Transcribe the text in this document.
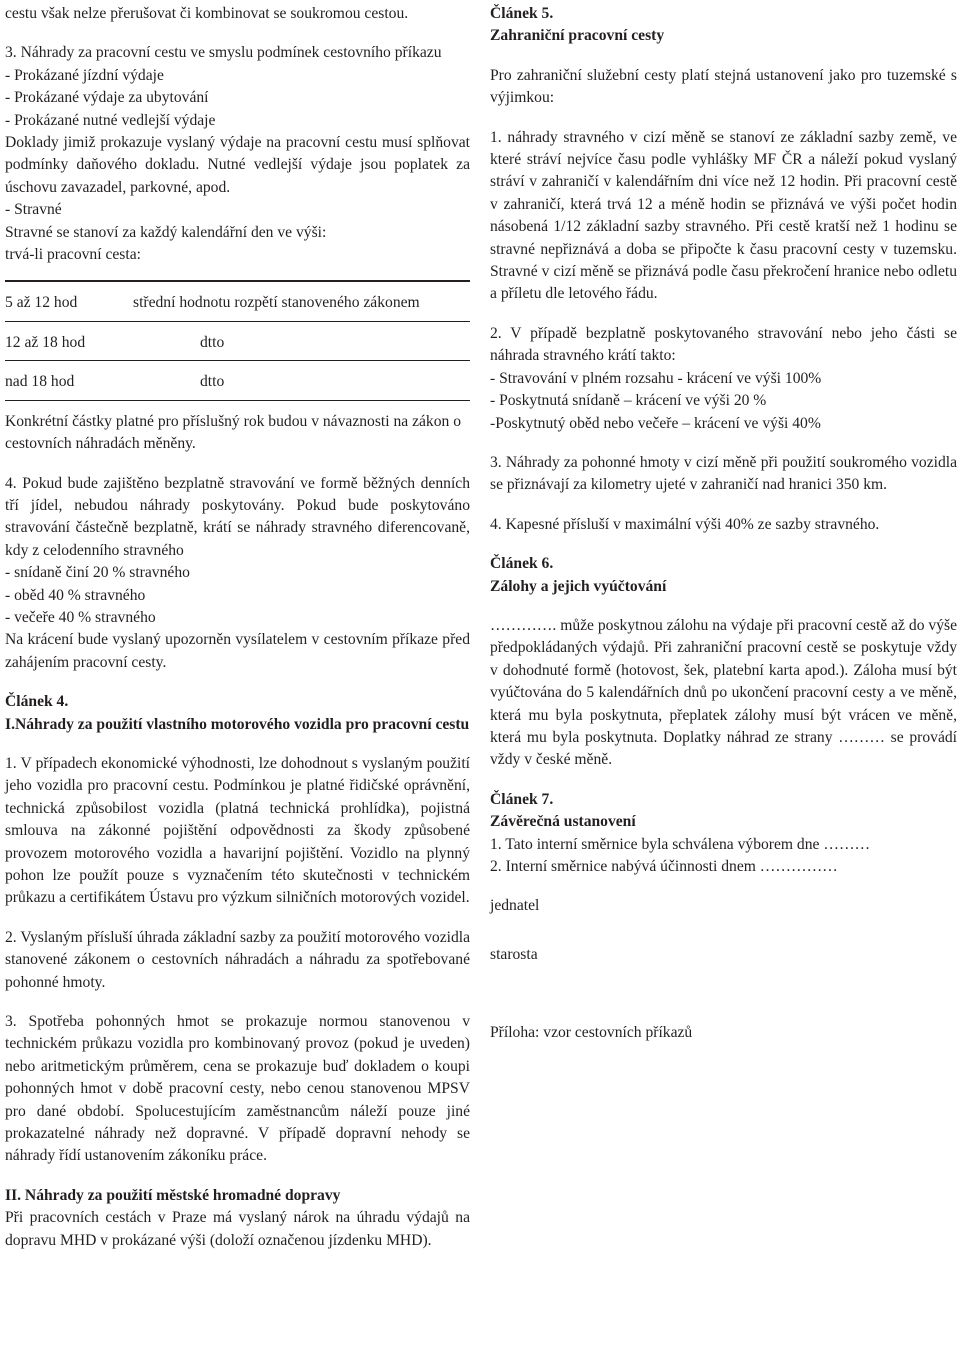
cestu však nelze přerušovat či kombinovat se soukromou cestou.

3. Náhrady za pracovní cestu ve smyslu podmínek cestovního příkazu

- Prokázané jízdní výdaje

- Prokázané výdaje za ubytování

- Prokázané nutné vedlejší výdaje

Doklady jimiž prokazuje vyslaný výdaje na pracovní cestu musí splňovat podmínky daňového dokladu. Nutné vedlejší výdaje jsou poplatek za úschovu zavazadel, parkovné, apod.

- Stravné

Stravné se stanoví za každý kalendářní den ve výši:

trvá-li pracovní cesta:

5 až 12 hod	střední hodnotu rozpětí stanoveného zákonem
12 až 18 hod	dtto
nad 18 hod	dtto

Konkrétní částky platné pro příslušný rok budou v návaznosti na zákon o cestovních náhradách měněny.

4. Pokud bude zajištěno bezplatně stravování ve formě běžných denních tří jídel, nebudou náhrady poskytovány. Pokud bude poskytováno stravování částečně bezplatně, krátí se náhrady stravného diferencovaně, kdy z celodenního stravného

- snídaně činí 20 % stravného

- oběd 40 % stravného

- večeře 40 % stravného

Na krácení bude vyslaný upozorněn vysílatelem v cestovním příkaze před zahájením pracovní cesty.

Článek 4.

I.Náhrady za použití vlastního motorového vozidla pro pracovní cestu

1. V případech ekonomické výhodnosti, lze dohodnout s vyslaným použití jeho vozidla pro pracovní cestu. Podmínkou je platné řidičské oprávnění, technická způsobilost vozidla (platná technická prohlídka), pojistná smlouva na zákonné pojištění odpovědnosti za škody způsobené provozem motorového vozidla a havarijní pojištění. Vozidlo na plynný pohon lze použít pouze s vyznačením této skutečnosti v technickém průkazu a certifikátem Ústavu pro výzkum silničních motorových vozidel.

2. Vyslaným přísluší úhrada základní sazby za použití motorového vozidla stanovené zákonem o cestovních náhradách a náhradu za spotřebované pohonné hmoty.

3. Spotřeba pohonných hmot se prokazuje normou stanovenou v technickém průkazu vozidla pro kombinovaný provoz (pokud je uveden) nebo aritmetickým průměrem, cena se prokazuje buď dokladem o koupi pohonných hmot v době pracovní cesty, nebo cenou stanovenou MPSV pro dané období. Spolucestujícím zaměstnancům náleží pouze jiné prokazatelné náhrady než dopravné. V případě dopravní nehody se náhrady řídí ustanovením zákoníku práce.

II. Náhrady za použití městské hromadné dopravy

Při pracovních cestách v Praze má vyslaný nárok na úhradu výdajů na dopravu MHD v prokázané výši (doloží označenou jízdenku MHD).

Článek 5.

Zahraniční pracovní cesty

Pro zahraniční služební cesty platí stejná ustanovení jako pro tuzemské s výjimkou:

1. náhrady stravného v cizí měně se stanoví ze základní sazby země, ve které stráví nejvíce času podle vyhlášky MF ČR a náleží pokud vyslaný stráví v zahraničí v kalendářním dni více než 12 hodin. Při pracovní cestě v zahraničí, která trvá 12 a méně hodin se přiznává ve výši počet hodin násobená 1/12 základní sazby stravného. Při cestě kratší než 1 hodinu se stravné nepřiznává a doba se připočte k času pracovní cesty v tuzemsku. Stravné v cizí měně se přiznává podle času překročení hranice nebo odletu a příletu dle letového řádu.

2. V případě bezplatně poskytovaného stravování nebo jeho části se náhrada stravného krátí takto:

- Stravování v plném rozsahu - krácení ve výši 100%

- Poskytnutá snídaně – krácení ve výši 20 %

-Poskytnutý oběd nebo večeře – krácení ve výši 40%

3. Náhrady za pohonné hmoty v cizí měně při použití soukromého vozidla se přiznávají za kilometry ujeté v zahraničí nad hranici 350 km.

4. Kapesné přísluší v maximální výši 40% ze sazby stravného.

Článek 6.

Zálohy a jejich vyúčtování

…………. může poskytnou zálohu na výdaje při pracovní cestě až do výše předpokládaných výdajů. Při zahraniční pracovní cestě se poskytuje vždy v dohodnuté formě (hotovost, šek, platební karta apod.). Záloha musí být vyúčtována do 5 kalendářních dnů po ukončení pracovní cesty a ve měně, která mu byla poskytnuta, přeplatek zálohy musí být vrácen ve měně, která mu byla poskytnuta. Doplatky náhrad ze strany ……… se provádí vždy v české měně.

Článek 7.

Závěrečná ustanovení

1. Tato interní směrnice byla schválena výborem dne ………

2. Interní směrnice nabývá účinnosti dnem ……………

jednatel

starosta

Příloha: vzor cestovních příkazů
